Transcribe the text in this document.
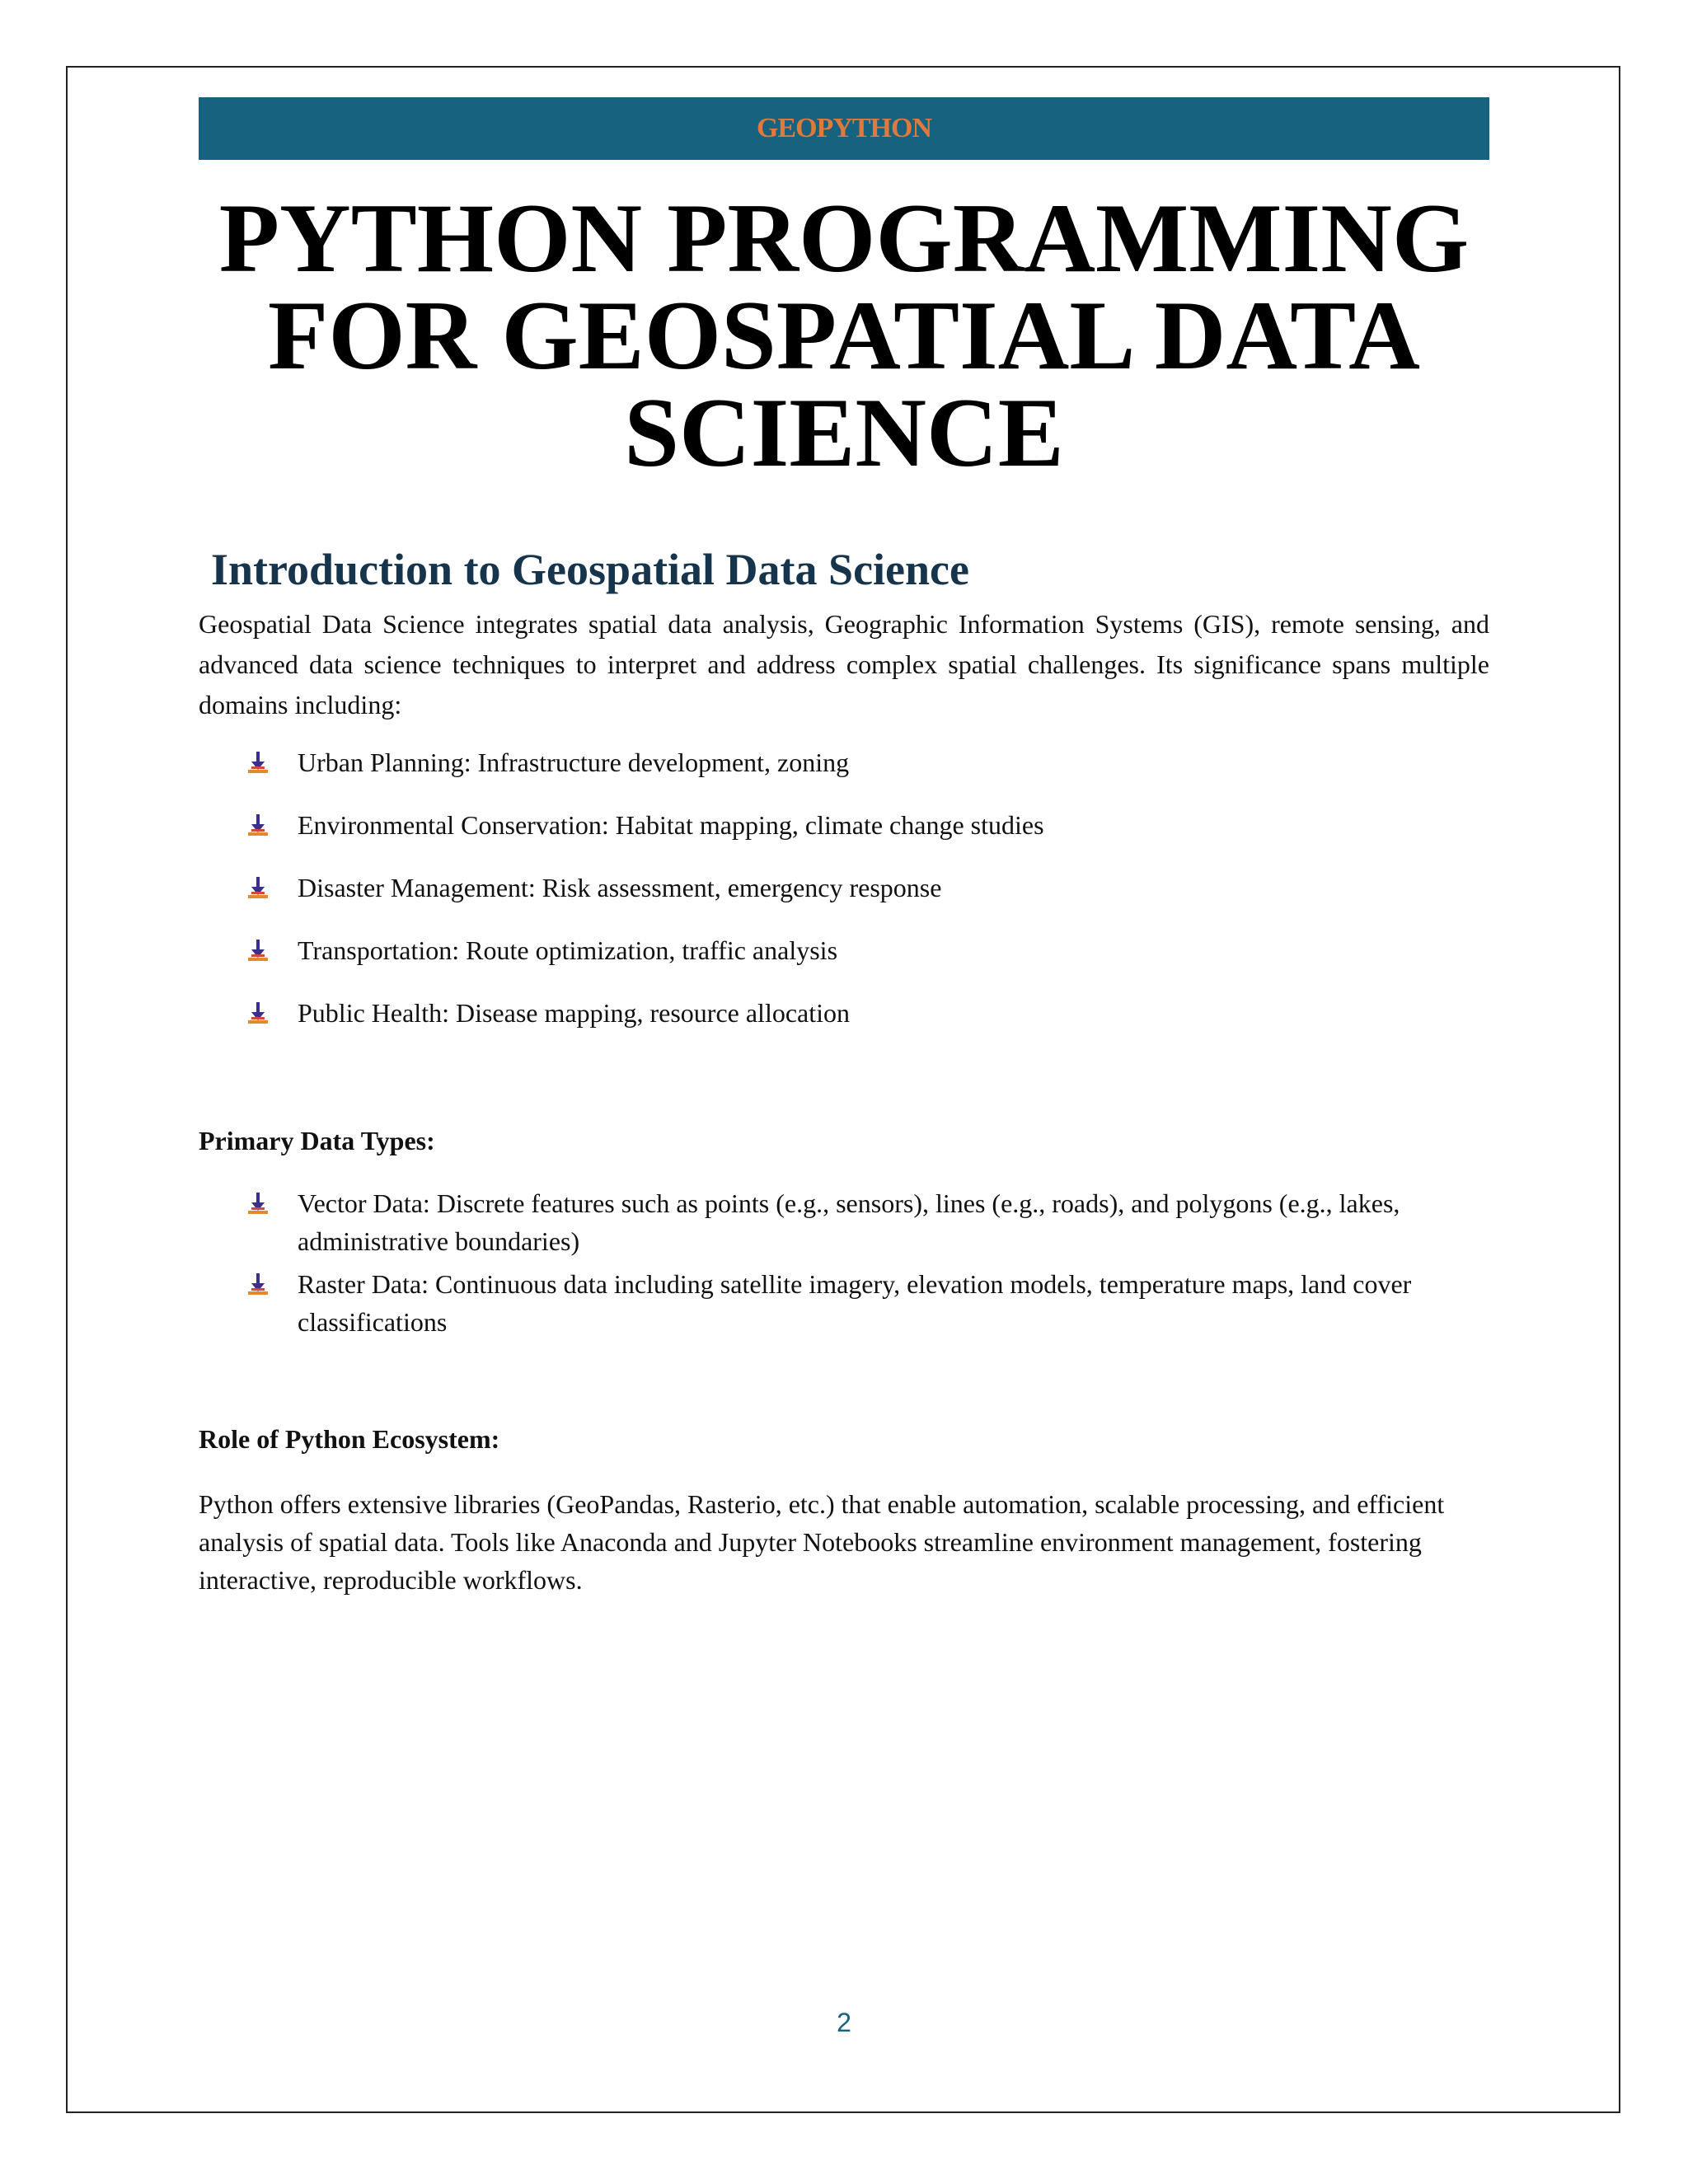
GEOPYTHON
PYTHON PROGRAMMING FOR GEOSPATIAL DATA SCIENCE
Introduction to Geospatial Data Science

Geospatial Data Science integrates spatial data analysis, Geographic Information Systems (GIS), remote sensing, and advanced data science techniques to interpret and address complex spatial challenges. Its significance spans multiple domains including:

Urban Planning: Infrastructure development, zoning
Environmental Conservation: Habitat mapping, climate change studies
Disaster Management: Risk assessment, emergency response
Transportation: Route optimization, traffic analysis
Public Health: Disease mapping, resource allocation
Primary Data Types:
Vector Data: Discrete features such as points (e.g., sensors), lines (e.g., roads), and polygons (e.g., lakes, administrative boundaries)
Raster Data: Continuous data including satellite imagery, elevation models, temperature maps, land cover classifications
Role of Python Ecosystem:

Python offers extensive libraries (GeoPandas, Rasterio, etc.) that enable automation, scalable processing, and efficient analysis of spatial data. Tools like Anaconda and Jupyter Notebooks streamline environment management, fostering interactive, reproducible workflows.

2
